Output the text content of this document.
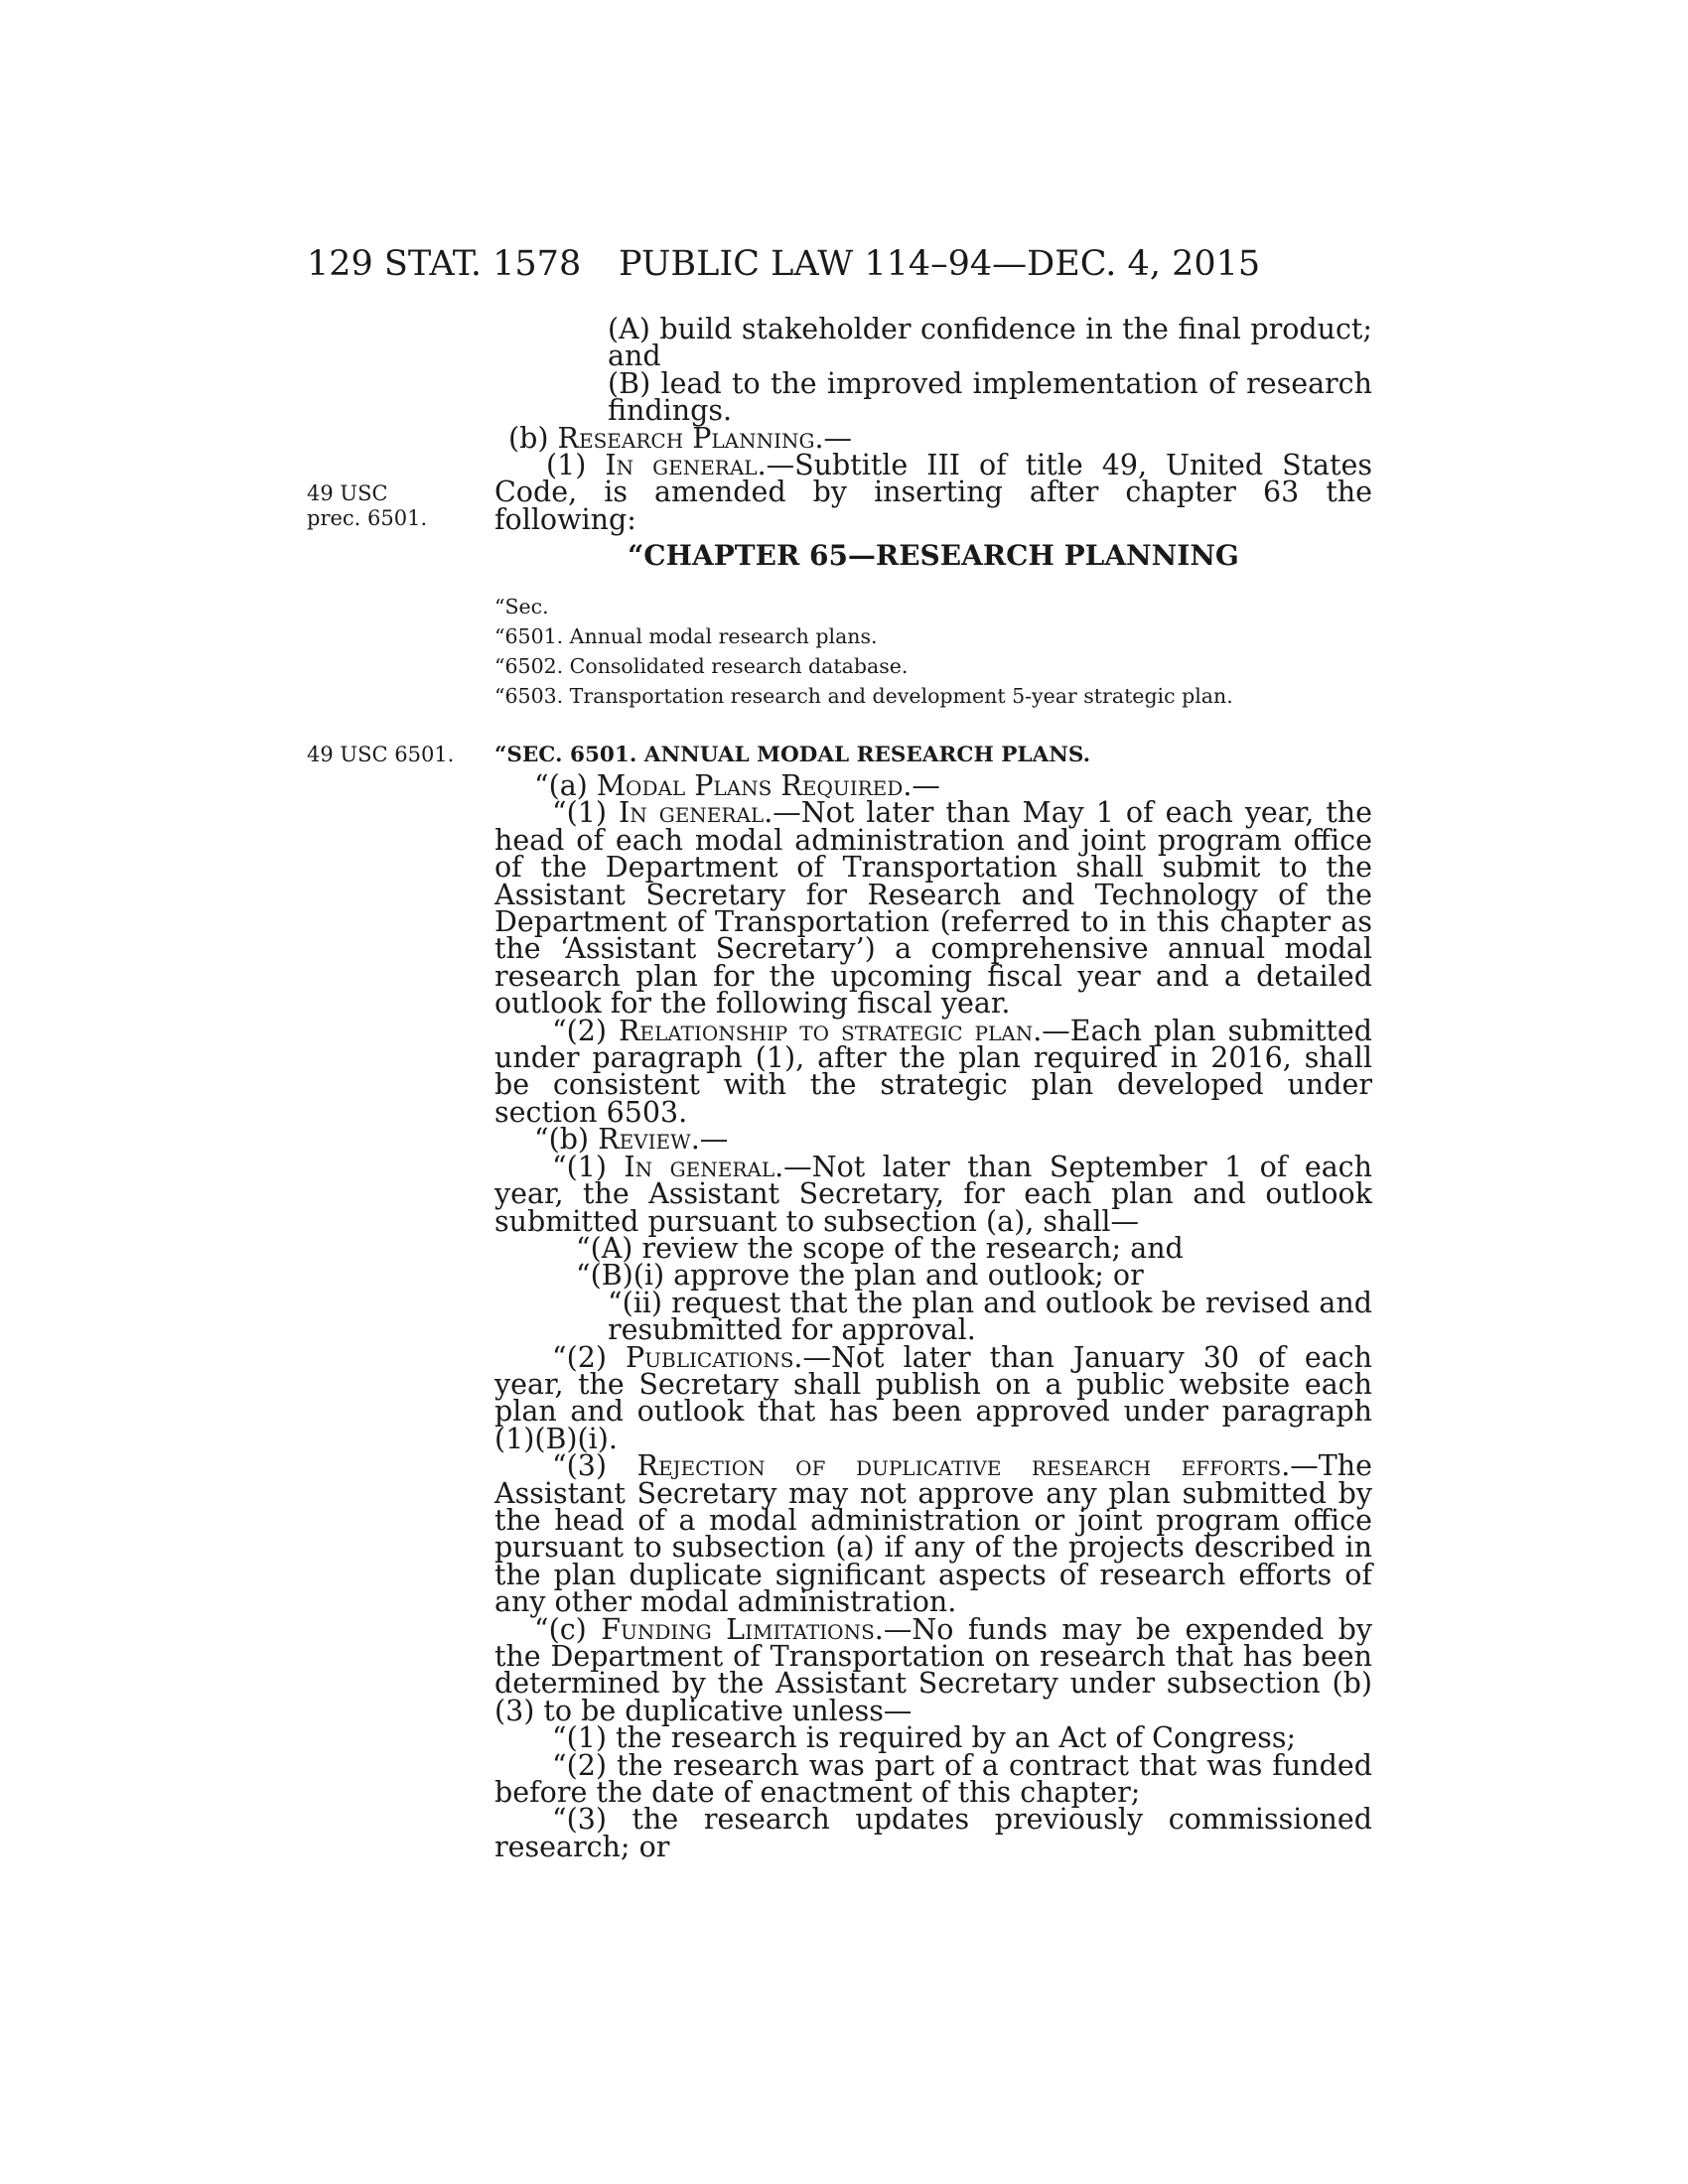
129 STAT. 1578 PUBLIC LAW 114–94—DEC. 4, 2015
49 USC
prec. 6501.
49 USC 6501.

(A) build stakeholder confidence in the final product; and

(B) lead to the improved implementation of research findings.

(b) Research Planning.—

(1) In general.—Subtitle III of title 49, United States Code, is amended by inserting after chapter 63 the following:

“CHAPTER 65—RESEARCH PLANNING

“Sec.

“6501. Annual modal research plans.

“6502. Consolidated research database.

“6503. Transportation research and development 5-year strategic plan.

“SEC. 6501. ANNUAL MODAL RESEARCH PLANS.

“(a) Modal Plans Required.—

“(1) In general.—Not later than May 1 of each year, the head of each modal administration and joint program office of the Department of Transportation shall submit to the Assistant Secretary for Research and Technology of the Department of Transportation (referred to in this chapter as the ‘Assistant Secretary’) a comprehensive annual modal research plan for the upcoming fiscal year and a detailed outlook for the following fiscal year.

“(2) Relationship to strategic plan.—Each plan submitted under paragraph (1), after the plan required in 2016, shall be consistent with the strategic plan developed under section 6503.

“(b) Review.—

“(1) In general.—Not later than September 1 of each year, the Assistant Secretary, for each plan and outlook submitted pursuant to subsection (a), shall—

“(A) review the scope of the research; and

“(B)(i) approve the plan and outlook; or

“(ii) request that the plan and outlook be revised and resubmitted for approval.

“(2) Publications.—Not later than January 30 of each year, the Secretary shall publish on a public website each plan and outlook that has been approved under paragraph (1)(B)(i).

“(3) Rejection of duplicative research efforts.—The Assistant Secretary may not approve any plan submitted by the head of a modal administration or joint program office pursuant to subsection (a) if any of the projects described in the plan duplicate significant aspects of research efforts of any other modal administration.

“(c) Funding Limitations.—No funds may be expended by the Department of Transportation on research that has been determined by the Assistant Secretary under subsection (b)(3) to be duplicative unless—

“(1) the research is required by an Act of Congress;

“(2) the research was part of a contract that was funded before the date of enactment of this chapter;

“(3) the research updates previously commissioned research; or
